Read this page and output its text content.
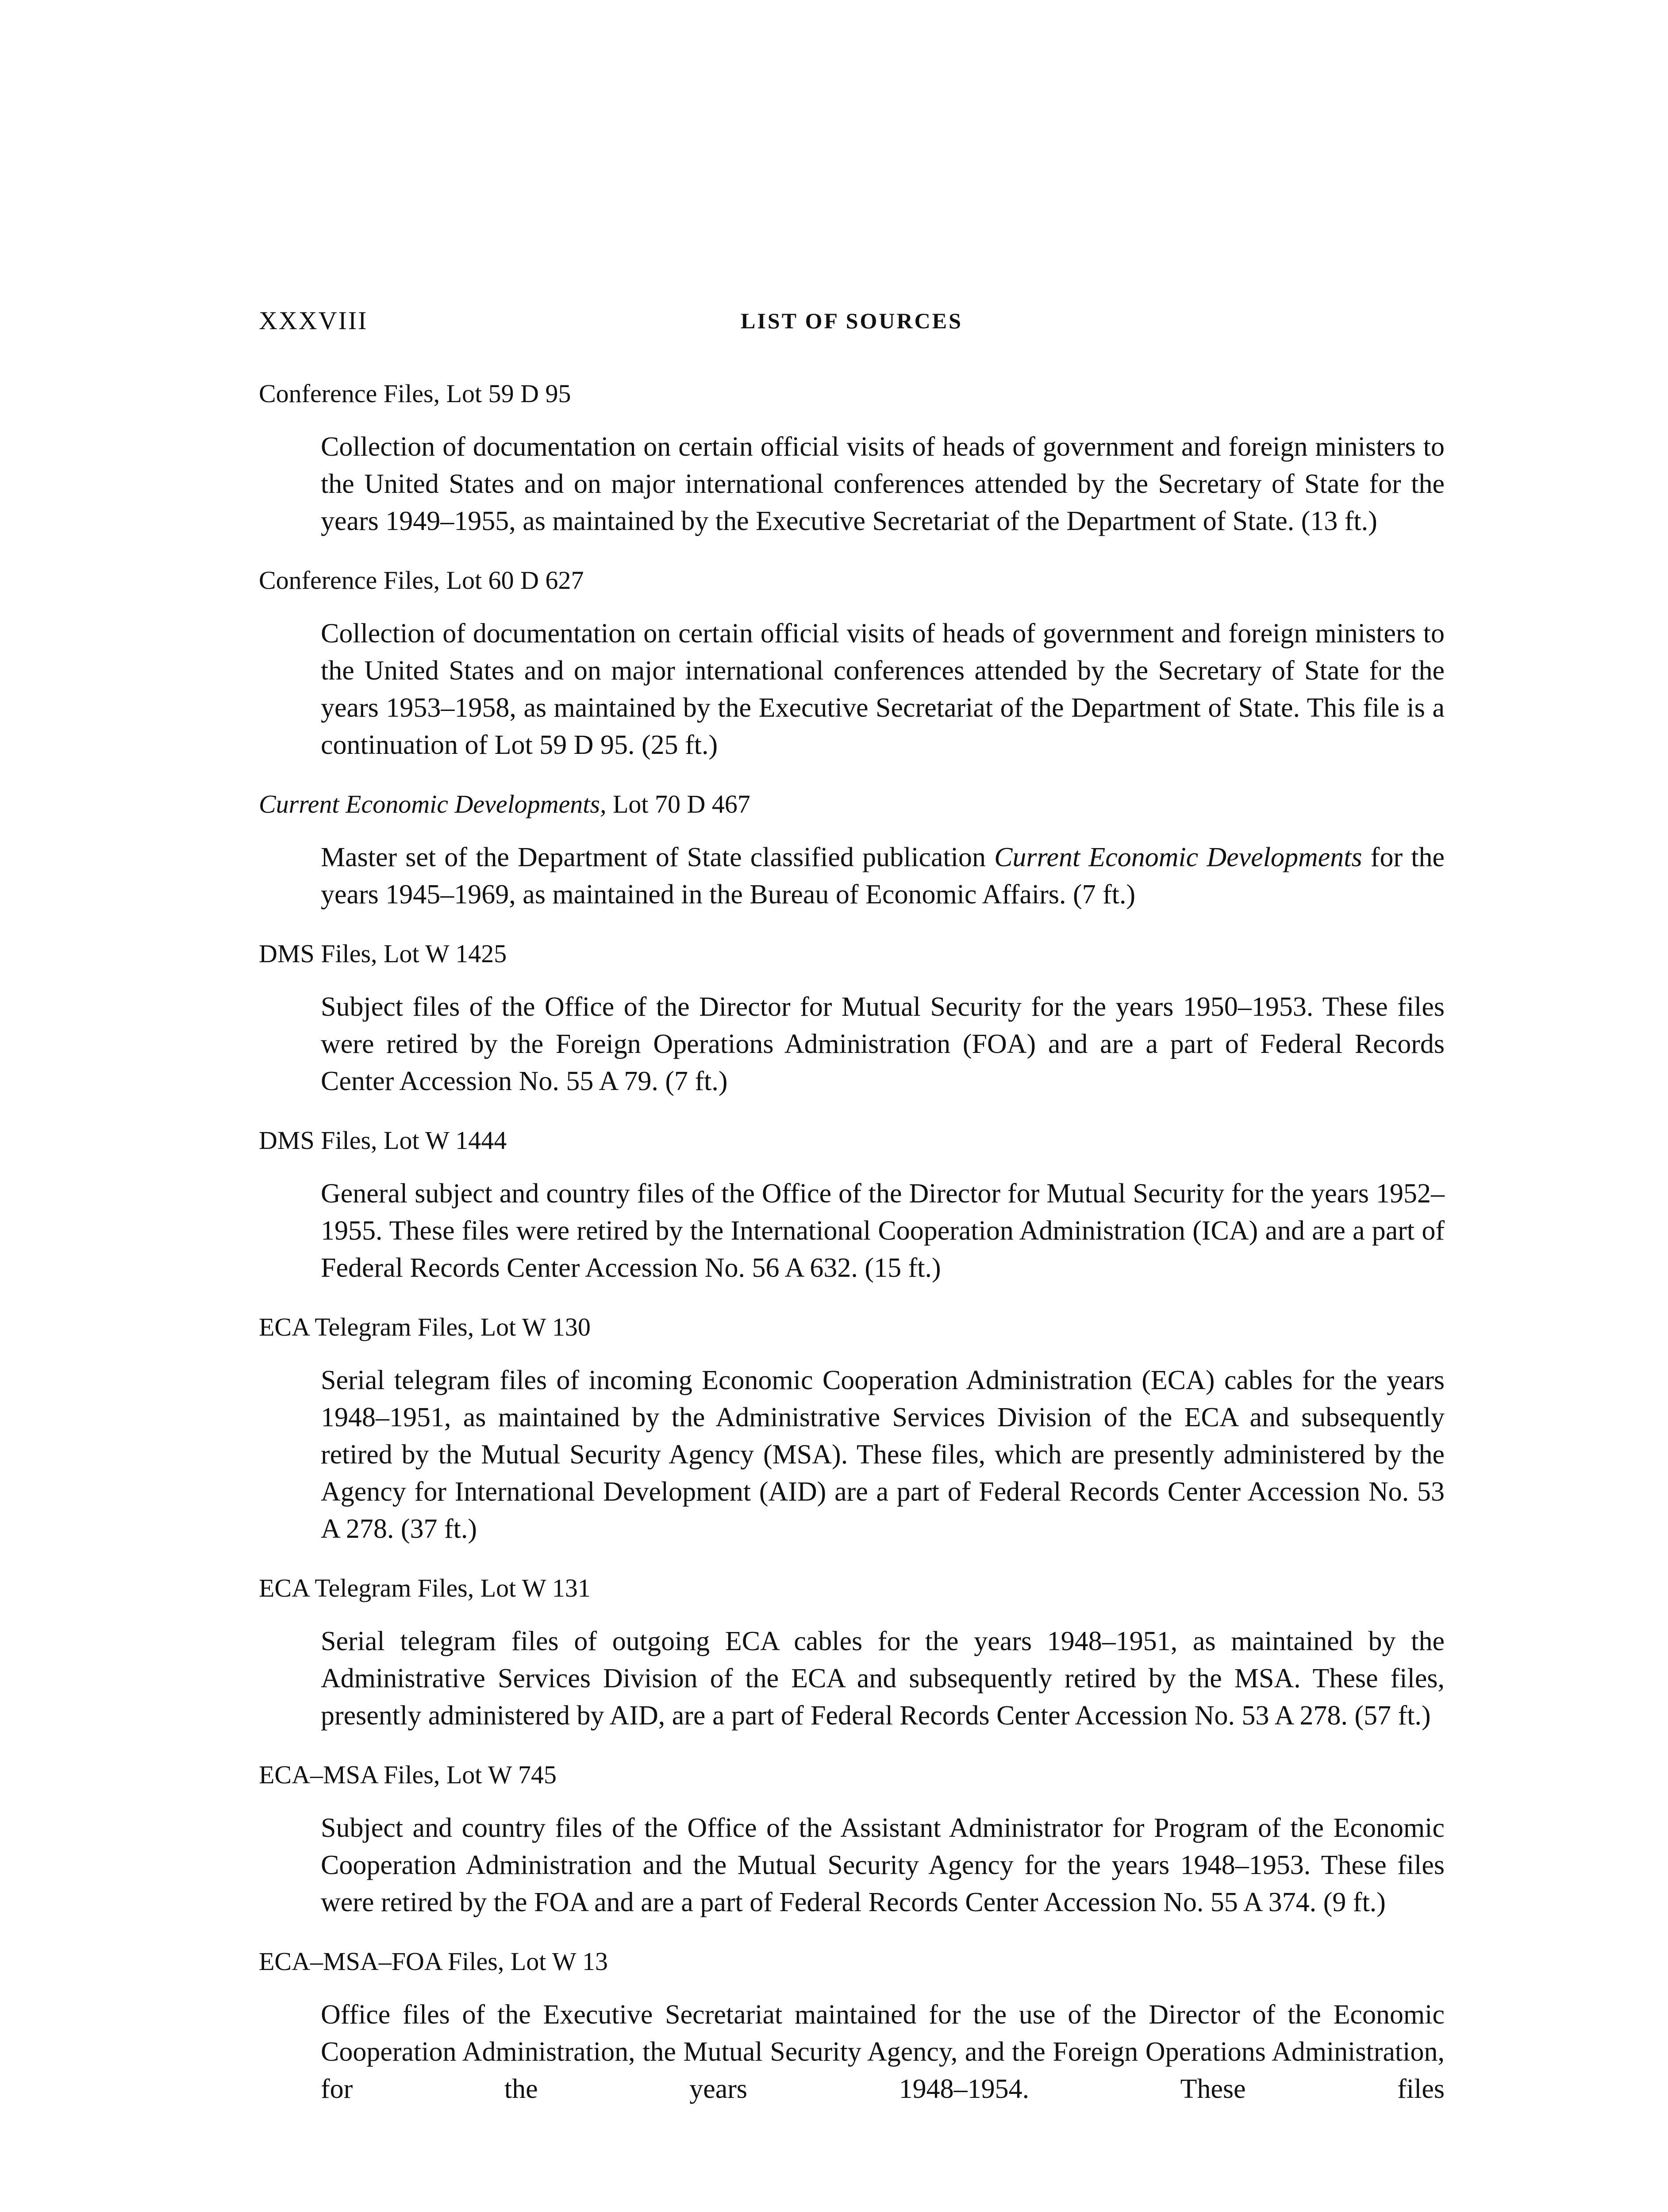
XXXVIII	LIST OF SOURCES
Conference Files, Lot 59 D 95
Collection of documentation on certain official visits of heads of government and foreign ministers to the United States and on major international conferences attended by the Secretary of State for the years 1949–1955, as maintained by the Executive Secretariat of the Department of State. (13 ft.)
Conference Files, Lot 60 D 627
Collection of documentation on certain official visits of heads of government and foreign ministers to the United States and on major international conferences attended by the Secretary of State for the years 1953–1958, as maintained by the Executive Secretariat of the Department of State. This file is a continuation of Lot 59 D 95. (25 ft.)
Current Economic Developments, Lot 70 D 467
Master set of the Department of State classified publication Current Economic Developments for the years 1945–1969, as maintained in the Bureau of Economic Affairs. (7 ft.)
DMS Files, Lot W 1425
Subject files of the Office of the Director for Mutual Security for the years 1950–1953. These files were retired by the Foreign Operations Administration (FOA) and are a part of Federal Records Center Accession No. 55 A 79. (7 ft.)
DMS Files, Lot W 1444
General subject and country files of the Office of the Director for Mutual Security for the years 1952–1955. These files were retired by the International Cooperation Administration (ICA) and are a part of Federal Records Center Accession No. 56 A 632. (15 ft.)
ECA Telegram Files, Lot W 130
Serial telegram files of incoming Economic Cooperation Administration (ECA) cables for the years 1948–1951, as maintained by the Administrative Services Division of the ECA and subsequently retired by the Mutual Security Agency (MSA). These files, which are presently administered by the Agency for International Development (AID) are a part of Federal Records Center Accession No. 53 A 278. (37 ft.)
ECA Telegram Files, Lot W 131
Serial telegram files of outgoing ECA cables for the years 1948–1951, as maintained by the Administrative Services Division of the ECA and subsequently retired by the MSA. These files, presently administered by AID, are a part of Federal Records Center Accession No. 53 A 278. (57 ft.)
ECA–MSA Files, Lot W 745
Subject and country files of the Office of the Assistant Administrator for Program of the Economic Cooperation Administration and the Mutual Security Agency for the years 1948–1953. These files were retired by the FOA and are a part of Federal Records Center Accession No. 55 A 374. (9 ft.)
ECA–MSA–FOA Files, Lot W 13
Office files of the Executive Secretariat maintained for the use of the Director of the Economic Cooperation Administration, the Mutual Security Agency, and the Foreign Operations Administration, for the years 1948–1954. These files
